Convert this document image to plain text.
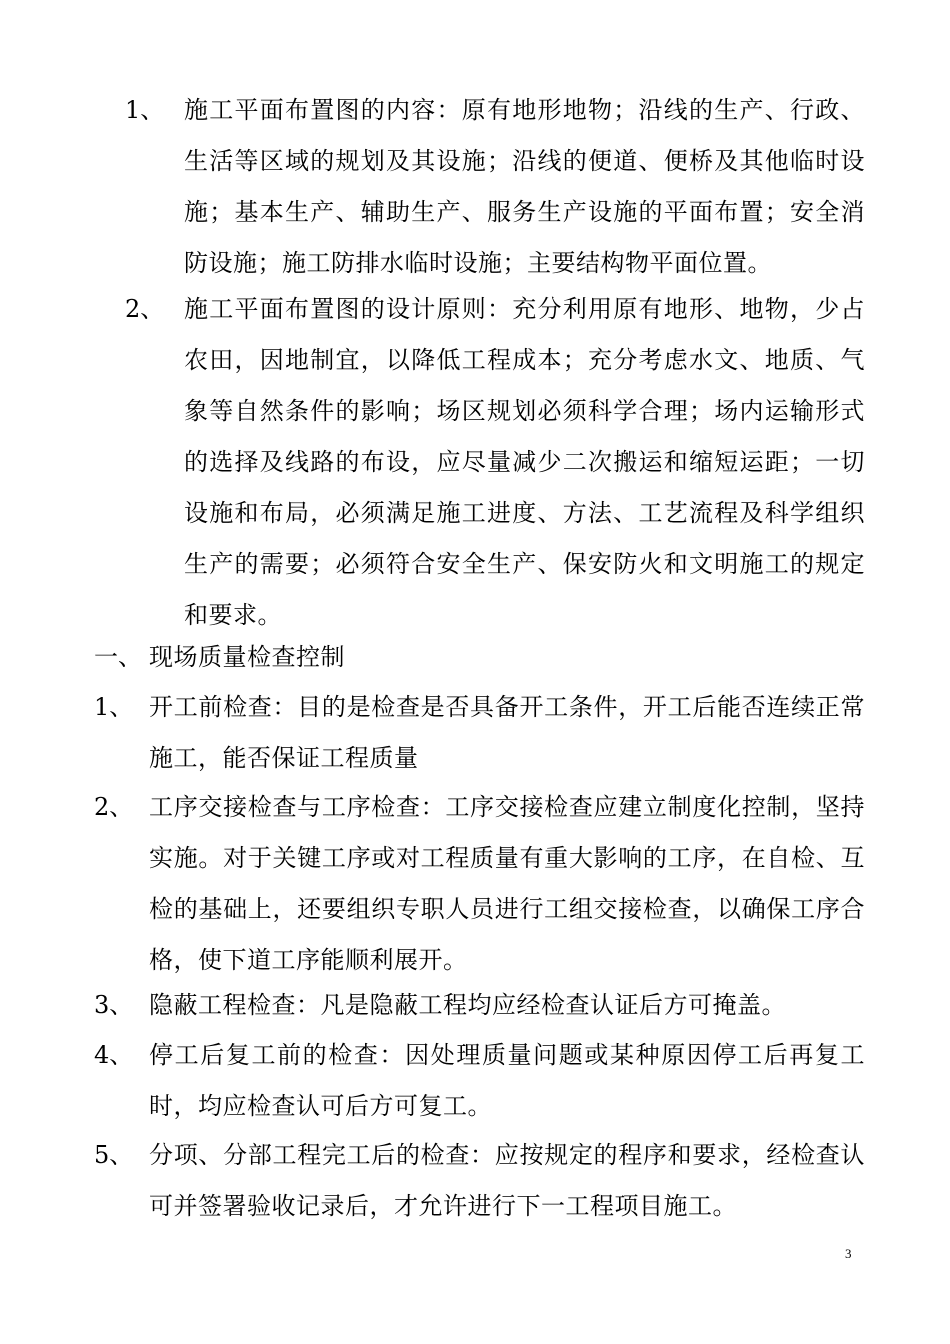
1、 施工平面布置图的内容：原有地形地物；沿线的生产、行政、生活等区域的规划及其设施；沿线的便道、便桥及其他临时设施；基本生产、辅助生产、服务生产设施的平面布置；安全消防设施；施工防排水临时设施；主要结构物平面位置。
2、 施工平面布置图的设计原则：充分利用原有地形、地物，少占农田，因地制宜，以降低工程成本；充分考虑水文、地质、气象等自然条件的影响；场区规划必须科学合理；场内运输形式的选择及线路的布设，应尽量减少二次搬运和缩短运距；一切设施和布局，必须满足施工进度、方法、工艺流程及科学组织生产的需要；必须符合安全生产、保安防火和文明施工的规定和要求。
一、 现场质量检查控制
1、 开工前检查：目的是检查是否具备开工条件，开工后能否连续正常施工，能否保证工程质量
2、 工序交接检查与工序检查：工序交接检查应建立制度化控制，坚持实施。对于关键工序或对工程质量有重大影响的工序，在自检、互检的基础上，还要组织专职人员进行工组交接检查，以确保工序合格，使下道工序能顺利展开。
3、 隐蔽工程检查：凡是隐蔽工程均应经检查认证后方可掩盖。
4、 停工后复工前的检查：因处理质量问题或某种原因停工后再复工时，均应检查认可后方可复工。
5、 分项、分部工程完工后的检查：应按规定的程序和要求，经检查认可并签署验收记录后，才允许进行下一工程项目施工。
3
